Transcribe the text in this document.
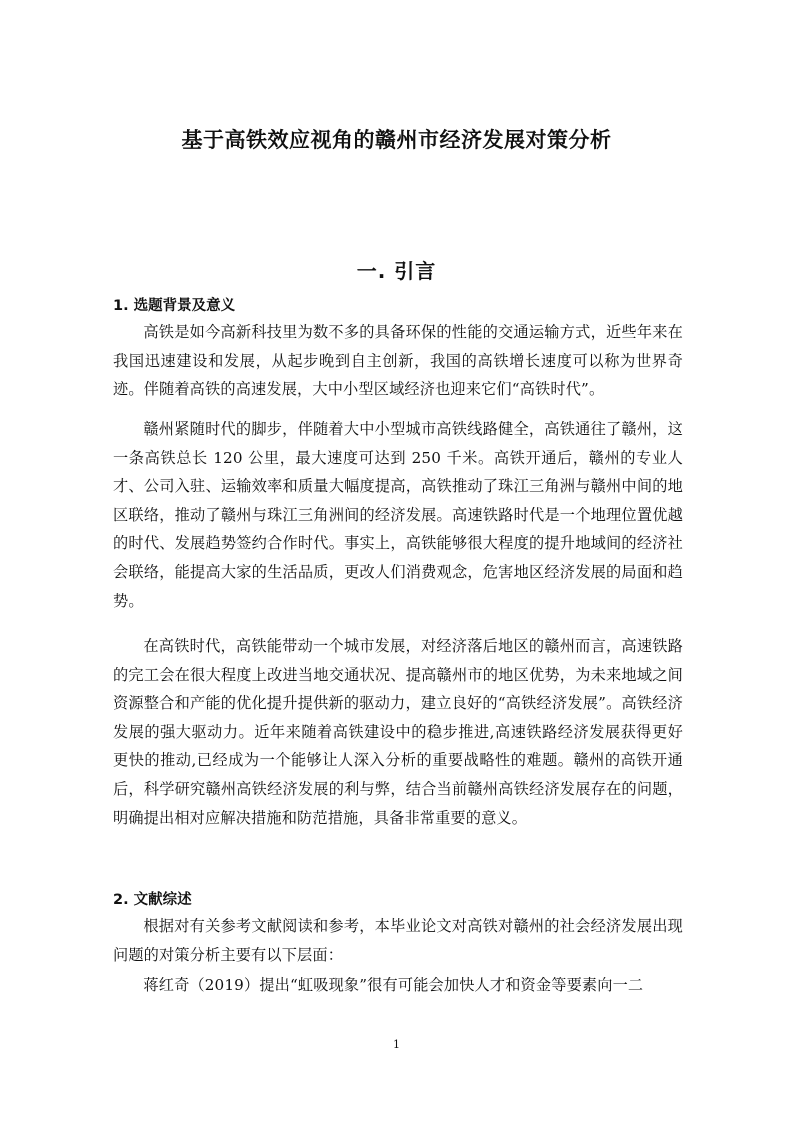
基于高铁效应视角的赣州市经济发展对策分析
一. 引言
1. 选题背景及意义

高铁是如今高新科技里为数不多的具备环保的性能的交通运输方式，近些年来在我国迅速建设和发展，从起步晚到自主创新，我国的高铁增长速度可以称为世界奇迹。伴随着高铁的高速发展，大中小型区域经济也迎来它们“高铁时代”。

赣州紧随时代的脚步，伴随着大中小型城市高铁线路健全，高铁通往了赣州，这一条高铁总长 120 公里，最大速度可达到 250 千米。高铁开通后，赣州的专业人才、公司入驻、运输效率和质量大幅度提高，高铁推动了珠江三角洲与赣州中间的地区联络，推动了赣州与珠江三角洲间的经济发展。高速铁路时代是一个地理位置优越的时代、发展趋势签约合作时代。事实上，高铁能够很大程度的提升地域间的经济社会联络，能提高大家的生活品质，更改人们消费观念，危害地区经济发展的局面和趋势。

在高铁时代，高铁能带动一个城市发展，对经济落后地区的赣州而言，高速铁路的完工会在很大程度上改进当地交通状况、提高赣州市的地区优势，为未来地域之间资源整合和产能的优化提升提供新的驱动力，建立良好的“高铁经济发展”。高铁经济发展的强大驱动力。近年来随着高铁建设中的稳步推进,高速铁路经济发展获得更好更快的推动,已经成为一个能够让人深入分析的重要战略性的难题。赣州的高铁开通后，科学研究赣州高铁经济发展的利与弊，结合当前赣州高铁经济发展存在的问题，明确提出相对应解决措施和防范措施，具备非常重要的意义。

2. 文献综述

根据对有关参考文献阅读和参考，本毕业论文对高铁对赣州的社会经济发展出现问题的对策分析主要有以下层面：

蒋红奇（2019）提出“虹吸现象”很有可能会加快人才和资金等要素向一二

1
